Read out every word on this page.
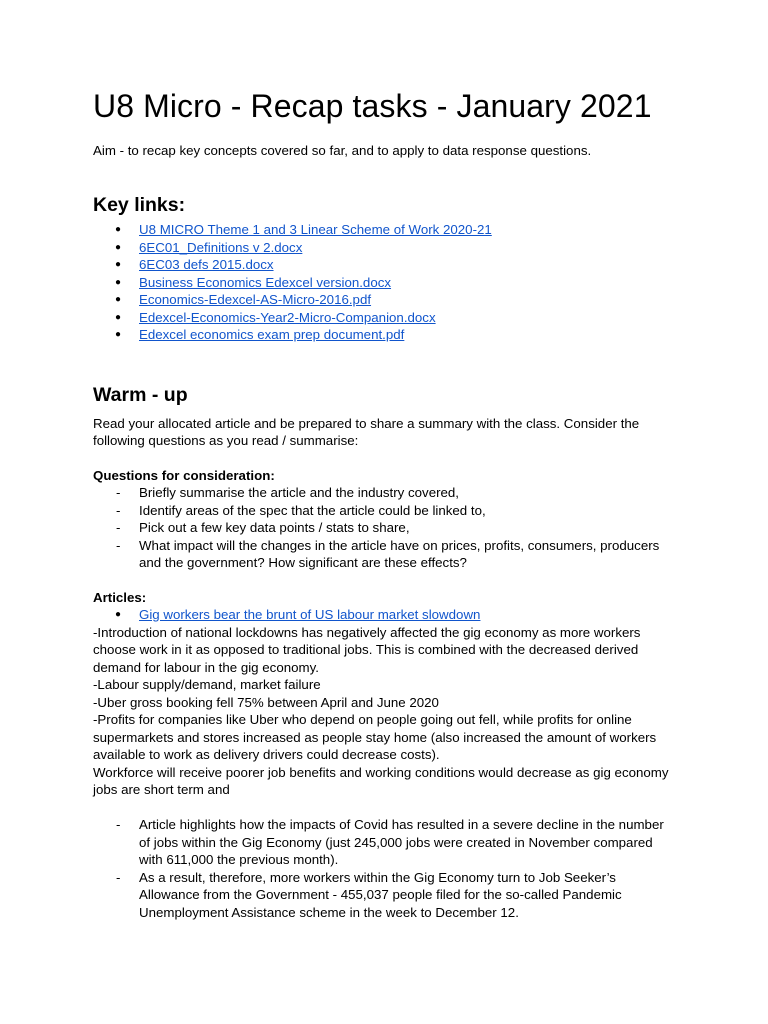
U8 Micro - Recap tasks - January 2021

Aim - to recap key concepts covered so far, and to apply to data response questions.

Key links:
● U8 MICRO Theme 1 and 3 Linear Scheme of Work 2020-21
● 6EC01_Definitions v 2.docx
● 6EC03 defs 2015.docx
● Business Economics Edexcel version.docx
● Economics-Edexcel-AS-Micro-2016.pdf
● Edexcel-Economics-Year2-Micro-Companion.docx
● Edexcel economics exam prep document.pdf
Warm - up

Read your allocated article and be prepared to share a summary with the class. Consider the following questions as you read / summarise:

Questions for consideration:

- Briefly summarise the article and the industry covered,
- Identify areas of the spec that the article could be linked to,
- Pick out a few key data points / stats to share,
- What impact will the changes in the article have on prices, profits, consumers, producers and the government? How significant are these effects?

Articles:

● Gig workers bear the brunt of US labour market slowdown

-Introduction of national lockdowns has negatively affected the gig economy as more workers choose work in it as opposed to traditional jobs. This is combined with the decreased derived demand for labour in the gig economy.

-Labour supply/demand, market failure

-Uber gross booking fell 75% between April and June 2020

-Profits for companies like Uber who depend on people going out fell, while profits for online supermarkets and stores increased as people stay home (also increased the amount of workers available to work as delivery drivers could decrease costs).

Workforce will receive poorer job benefits and working conditions would decrease as gig economy jobs are short term and

- Article highlights how the impacts of Covid has resulted in a severe decline in the number of jobs within the Gig Economy (just 245,000 jobs were created in November compared with 611,000 the previous month).
- As a result, therefore, more workers within the Gig Economy turn to Job Seeker’s Allowance from the Government - 455,037 people filed for the so-called Pandemic Unemployment Assistance scheme in the week to December 12.
